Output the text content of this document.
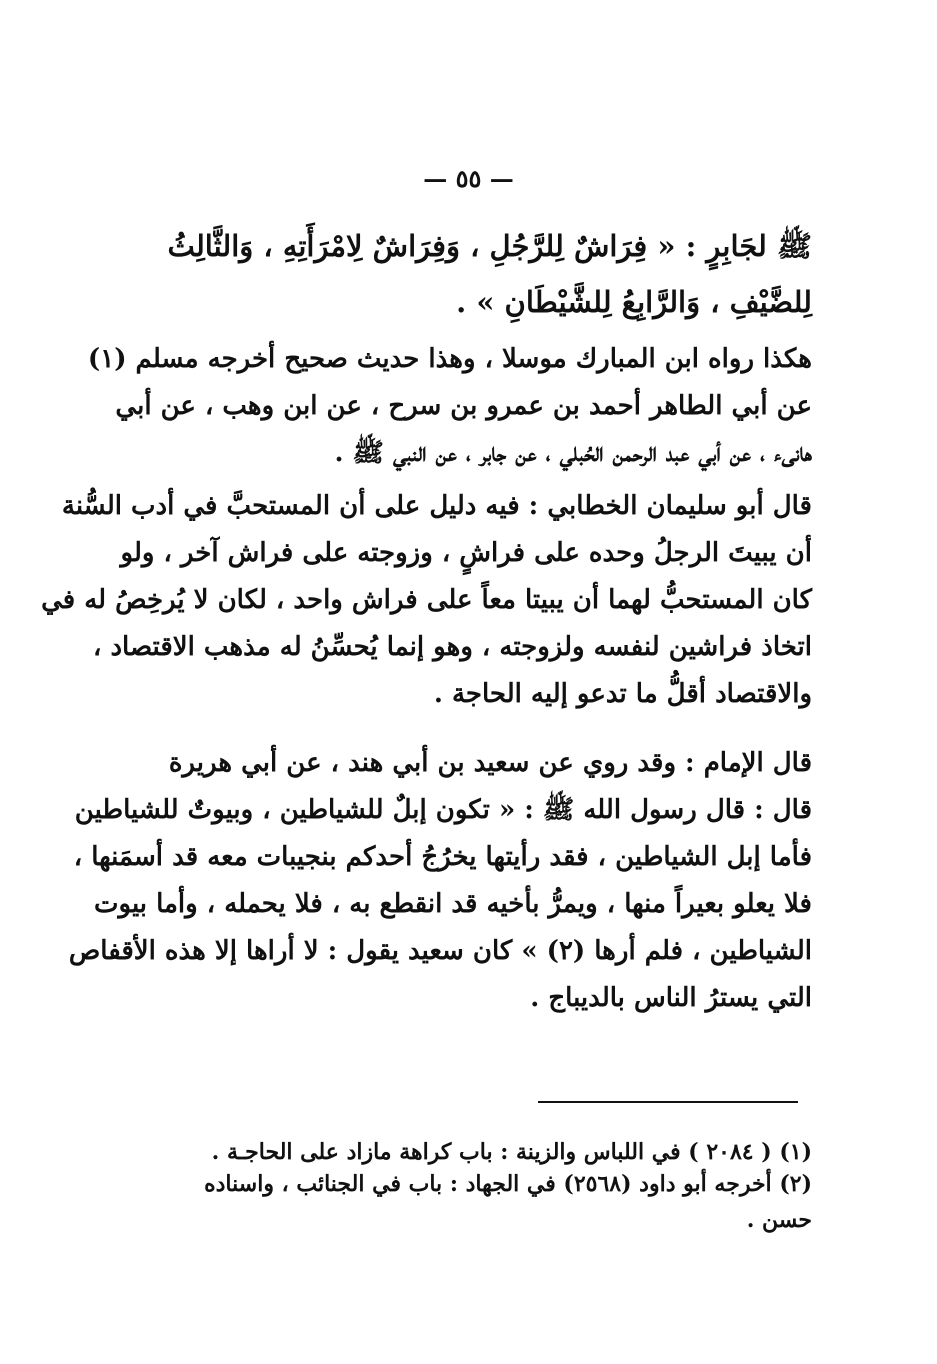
— ٥٥ —

ﷺ لجَابِرٍ : « فِرَاشٌ لِلرَّجُلِ ، وَفِرَاشٌ لِامْرَأَتِهِ ، وَالثَّالِثُ
لِلضَّيْفِ ، وَالرَّابِعُ لِلشَّيْطَانِ » .

هكذا رواه ابن المبارك موسلا ، وهذا حديث صحيح أخرجه مسلم (١)
عن أبي الطاهر أحمد بن عمرو بن سرح ، عن ابن وهب ، عن أبي
هانىء ، عن أبي عبد الرحمن الحُبلي ، عن جابر ، عن النبي ﷺ .

قال أبو سليمان الخطابي : فيه دليل على أن المستحبَّ في أدب السُّنة
أن يبيتَ الرجلُ وحده على فراشٍ ، وزوجته على فراش آخر ، ولو
كان المستحبُّ لهما أن يبيتا معاً على فراش واحد ، لكان لا يُرخِصُ له في
اتخاذ فراشين لنفسه ولزوجته ، وهو إنما يُحسِّنُ له مذهب الاقتصاد ،
والاقتصاد أقلُّ ما تدعو إليه الحاجة .

قال الإمام : وقد روي عن سعيد بن أبي هند ، عن أبي هريرة
قال : قال رسول الله ﷺ : « تكون إبلٌ للشياطين ، وبيوتٌ للشياطين
فأما إبل الشياطين ، فقد رأيتها يخرُجُ أحدكم بنجيبات معه قد أسمَنها ،
فلا يعلو بعيراً منها ، ويمرُّ بأخيه قد انقطع به ، فلا يحمله ، وأما بيوت
الشياطين ، فلم أرها (٢) » كان سعيد يقول : لا أراها إلا هذه الأقفاص
التي يسترُ الناس بالديباج .

(١) ( ٢٠٨٤ ) في اللباس والزينة : باب كراهة مازاد على الحاجـة .
(٢) أخرجه أبو داود (٢٥٦٨) في الجهاد : باب في الجنائب ، واسناده
حسن .
